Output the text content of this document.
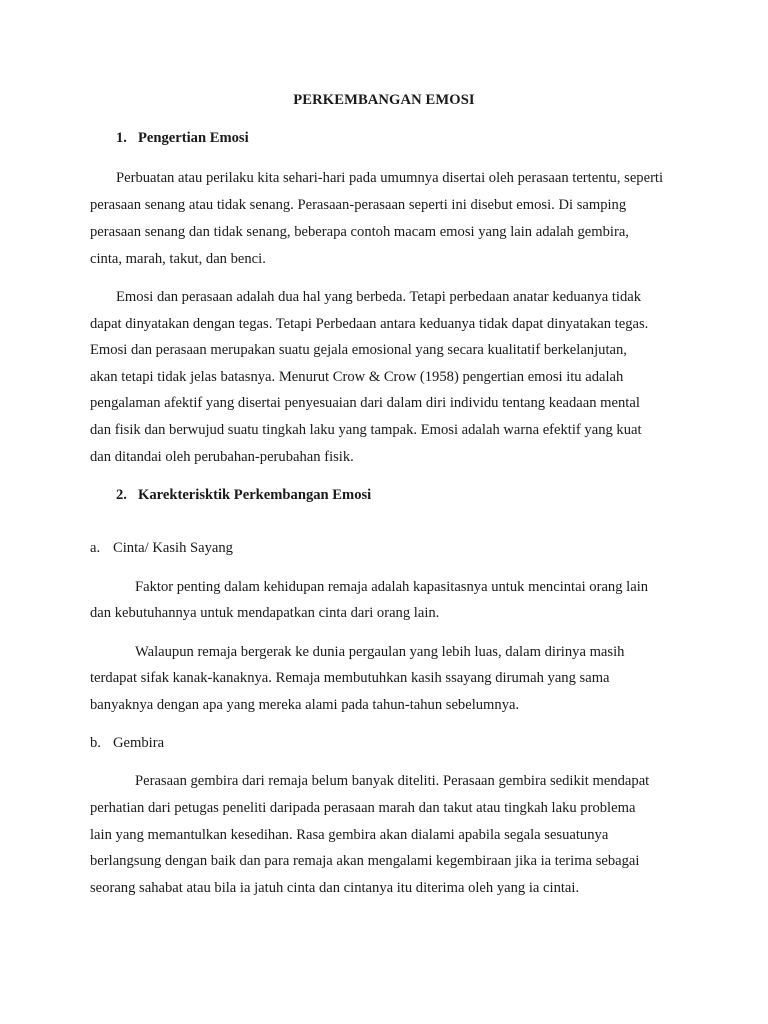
PERKEMBANGAN EMOSI
1. Pengertian Emosi
Perbuatan atau perilaku kita sehari-hari pada umumnya disertai oleh perasaan tertentu, seperti
perasaan senang atau tidak senang. Perasaan-perasaan seperti ini disebut emosi. Di samping
perasaan senang dan tidak senang, beberapa contoh macam emosi yang lain adalah gembira,
cinta, marah, takut, dan benci.
Emosi dan perasaan adalah dua hal yang berbeda. Tetapi perbedaan anatar keduanya tidak
dapat dinyatakan dengan tegas. Tetapi Perbedaan antara keduanya tidak dapat dinyatakan tegas.
Emosi dan perasaan merupakan suatu gejala emosional yang secara kualitatif berkelanjutan,
akan tetapi tidak jelas batasnya. Menurut Crow & Crow (1958) pengertian emosi itu adalah
pengalaman afektif yang disertai penyesuaian dari dalam diri individu tentang keadaan mental
dan fisik dan berwujud suatu tingkah laku yang tampak. Emosi adalah warna efektif yang kuat
dan ditandai oleh perubahan-perubahan fisik.
2. Karekterisktik Perkembangan Emosi
a. Cinta/ Kasih Sayang
Faktor penting dalam kehidupan remaja adalah kapasitasnya untuk mencintai orang lain
dan kebutuhannya untuk mendapatkan cinta dari orang lain.
Walaupun remaja bergerak ke dunia pergaulan yang lebih luas, dalam dirinya masih
terdapat sifak kanak-kanaknya. Remaja membutuhkan kasih ssayang dirumah yang sama
banyaknya dengan apa yang mereka alami pada tahun-tahun sebelumnya.
b. Gembira
Perasaan gembira dari remaja belum banyak diteliti. Perasaan gembira sedikit mendapat
perhatian dari petugas peneliti daripada perasaan marah dan takut atau tingkah laku problema
lain yang memantulkan kesedihan. Rasa gembira akan dialami apabila segala sesuatunya
berlangsung dengan baik dan para remaja akan mengalami kegembiraan jika ia terima sebagai
seorang sahabat atau bila ia jatuh cinta dan cintanya itu diterima oleh yang ia cintai.
